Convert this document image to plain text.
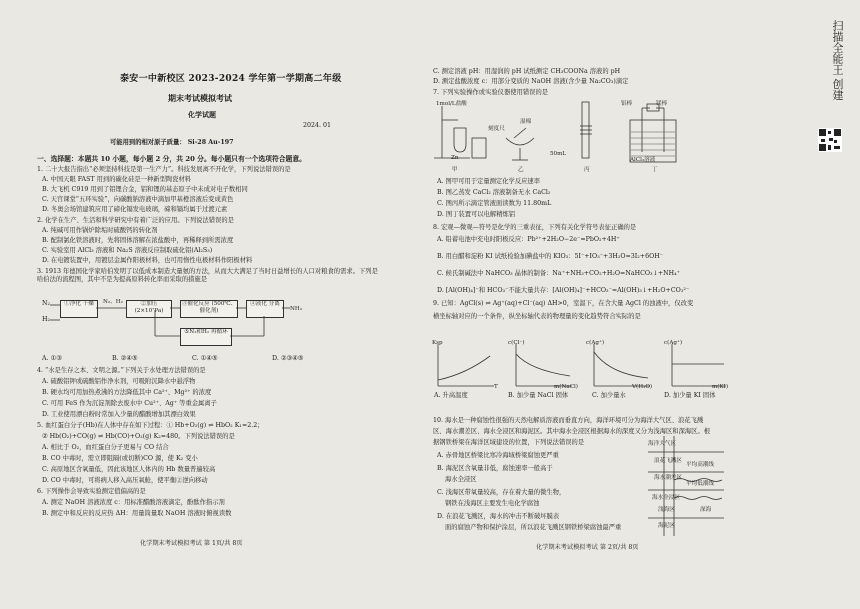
泰安一中新校区 2023-2024 学年第一学期高二年级
期末考试模拟考试
化学试题
2024. 01
可能用到的相对原子质量： Si-28 Au-197
一、选择题：本题共 10 小题，每小题 2 分，共 20 分。每小题只有一个选项符合题意。
1. 二十大报告指出“必须坚持科技是第一生产力”。科技发展离不开化学，下列说法错误的是
A. 中国天眼 FAST 用到的碳化硅是一种新型陶瓷材料
B. 大飞机 C919 用到了铝锂合金，铝和锂的基态原子中未成对电子数相同
C. 天宫课堂“五环实验”，向碳酸钠溶液中滴加甲基橙溶液后变成黄色
D. 冬奥会场馆建筑应用了碲化镉发电玻璃，碲和镉均属于过渡元素
2. 化学在生产、生活和科学研究中有着广泛的应用。下列说法错误的是
A. 纯碱可用作锅炉除垢时硫酸钙的转化剂
B. 配制氯化铁溶液时，先将固体溶解在浓盐酸中，再稀释到所需浓度
C. 实验室用 AlCl₃ 溶液和 Na₂S 溶液反应制取硫化铝(Al₂S₃)
D. 在电镀装置中，用镀层金属作阳极材料，也可用惰性电极材料作阳极材料
3. 1913 年德国化学家哈伯发明了以低成本制造大量氨的方法，从而大大满足了当时日益增长的人口对粮食的需求。下列是哈伯法的流程图，其中不是为提高原料转化率而采取的措施是
N₂
H₂
①净化 干燥	N₂、H₂	②加压 (2×10⁷Pa)
③催化反应 (500℃、催化剂)
④液化 分离
NH₃
⑤N₂和H₂ 再循环
A. ①③	B. ②④⑤	C. ①④⑤	D. ②③④⑤
4. “水是生存之本、文明之源。”下列关于水处理方法错误的是
A. 硫酸铝钾或硫酸铝作净水剂，可吸附沉降水中悬浮物
B. 硬水均可用加热煮沸的方法降低其中 Ca²⁺、Mg²⁺ 的浓度
C. 可用 FeS 作为沉淀剂除去废水中 Cu²⁺、Ag⁺ 等重金属离子
D. 工业使用漂白粉时常加入少量的醋酸增加其漂白效果
5. 血红蛋白分子(Hb)在人体中存在如下过程：① Hb+O₂(g) ⇌ HbO₂ K₁=2.2；
② Hb(O₂)+CO(g) ⇌ Hb(CO)+O₂(g) K₂=480。下列说法错误的是
A. 相比于 O₂，血红蛋白分子更易与 CO 结合
B. CO 中毒时，需立即阻隔(或切断)CO 源，使 K₂ 变小
C. 高原地区含氧量低，因此该地区人体内的 Hb 数量普遍较高
D. CO 中毒时，可将病人移入高压氧舱，使平衡②逆向移动
6. 下列操作会导致实验测定值偏高的是
A. 测定 NaOH 溶液浓度 c：用标准醋酸溶液滴定，酚酞作指示剂
B. 测定中和反应的反应热 ΔH：用量筒量取 NaOH 溶液时俯视读数
化学期末考试模拟考试 第 1页/共 8页
C. 测定溶液 pH：用湿润的 pH 试纸测定 CH₃COONa 溶液的 pH
D. 测定盐酸浓度 c：用部分变质的 NaOH 溶液(含少量 Na₂CO₃)滴定
7. 下列实验操作或实验仪器使用错误的是
1mol/L盐酸
刻度尺
Zn
50mL
湿棉
铝棒	镁棒
AlCl₃溶液
甲	乙	丙	丁
A. 图甲可用于定量测定化学反应速率
B. 图乙蒸发 CaCl₂ 溶液制备无水 CaCl₂
C. 图丙所示滴定管液面读数为 11.80mL
D. 图丁装置可以电解精炼铝
8. 宏观—微观—符号是化学的三重表征，下列有关化学符号表征正确的是
A. 铅蓄电池中充电时阳极反应：Pb²⁺+2H₂O−2e⁻=PbO₂+4H⁺
B. 用白醋和淀粉 KI 试纸检验加碘盐中的 KIO₃：5I⁻+IO₃⁻+3H₂O=3I₂+6OH⁻
C. 候氏制碱法中 NaHCO₃ 晶体的制备：Na⁺+NH₃+CO₂+H₂O=NaHCO₃↓+NH₄⁺
D. [Al(OH)₄]⁻和 HCO₃⁻不能大量共存：[Al(OH)₄]⁻+HCO₃⁻=Al(OH)₃↓+H₂O+CO₃²⁻
9. 已知：AgCl(s) ⇌ Ag⁺(aq)+Cl⁻(aq) ΔH>0，室温下，在含大量 AgCl 的浊液中，仅改变
横坐标轴对应的一个条件，纵坐标轴代表的物理量的变化趋势符合实际的是
Ksp	c(Cl⁻)	c(Ag⁺)	c(Ag⁺)
T	m(NaCl)	V(H₂O)	m(KI)
A. 升高温度	B. 加少量 NaCl 固体	C. 加少量水	D. 加少量 KI 固体
10. 海水是一种腐蚀性很强的天然电解质溶液而垂直方向，海洋环境可分为海洋大气区、浪花飞溅
区、海水潮差区、海水全浸区和海泥区。其中海水全浸区根据海水的深度又分为浅海区和深海区。根
据钢铁桥梁在海洋区域建设的位置，下列说法错误的是
A. 赤骨地区桥梁比寒冷海域桥梁腐蚀更严重
B. 海泥区含氧量非低，腐蚀速率一般高于
海水全浸区
C. 浅海区带氧量较高，存在着大量的微生物，
钢铁在浅海区主要发生电化学腐蚀
D. 在浪花飞溅区，海水的冲击不断破坏膜表
面的腐蚀产物和保护涂层，所以浪花飞溅区钢铁桥梁腐蚀最严重
海洋大气区
浪花飞溅区
平均高潮线
海水潮差区
平均低潮线
海水全浸区
浅海区	深海
海泥区
化学期末考试模拟考试 第 2页/共 8页
扫描全能王 创建
